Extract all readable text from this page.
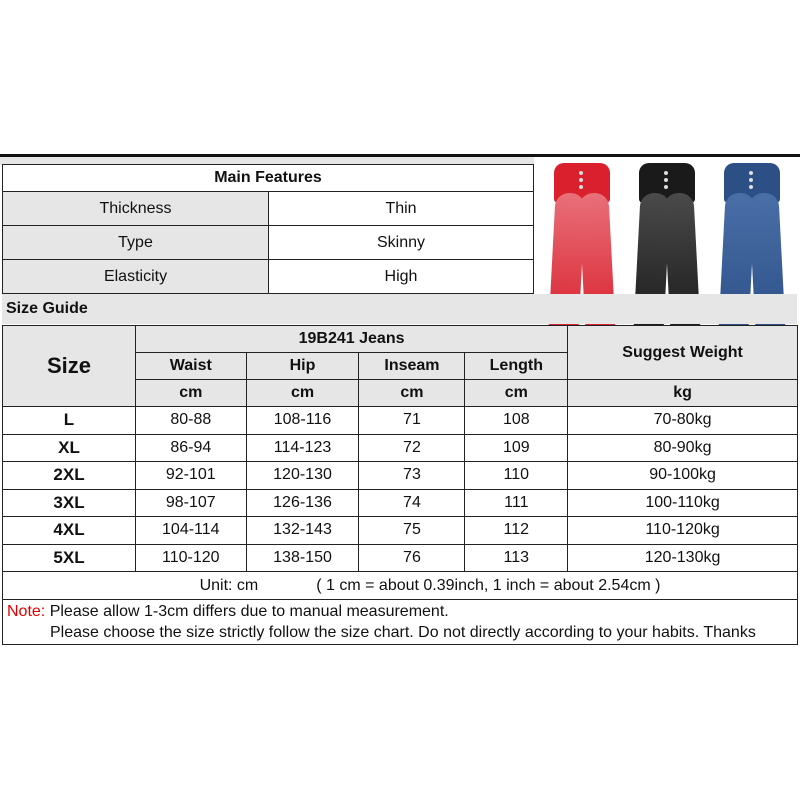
Main Features	
Thickness	Thin
Type	Skinny
Elasticity	High
Size Guide
Size	19B241 Jeans				Suggest Weight
	Waist	Hip	Inseam	Length	
	cm	cm	cm	cm	kg
L	80-88	108-116	71	108	70-80kg
XL	86-94	114-123	72	109	80-90kg
2XL	92-101	120-130	73	110	90-100kg
3XL	98-107	126-136	74	111	100-110kg
4XL	104-114	132-143	75	112	110-120kg
5XL	110-120	138-150	76	113	120-130kg

Unit: cm ( 1 cm = about 0.39inch, 1 inch = about 2.54cm )					
Note: Please allow 1-3cm differs due to manual measurement.
Please choose the size strictly follow the size chart. Do not directly according to your habits. Thanks
